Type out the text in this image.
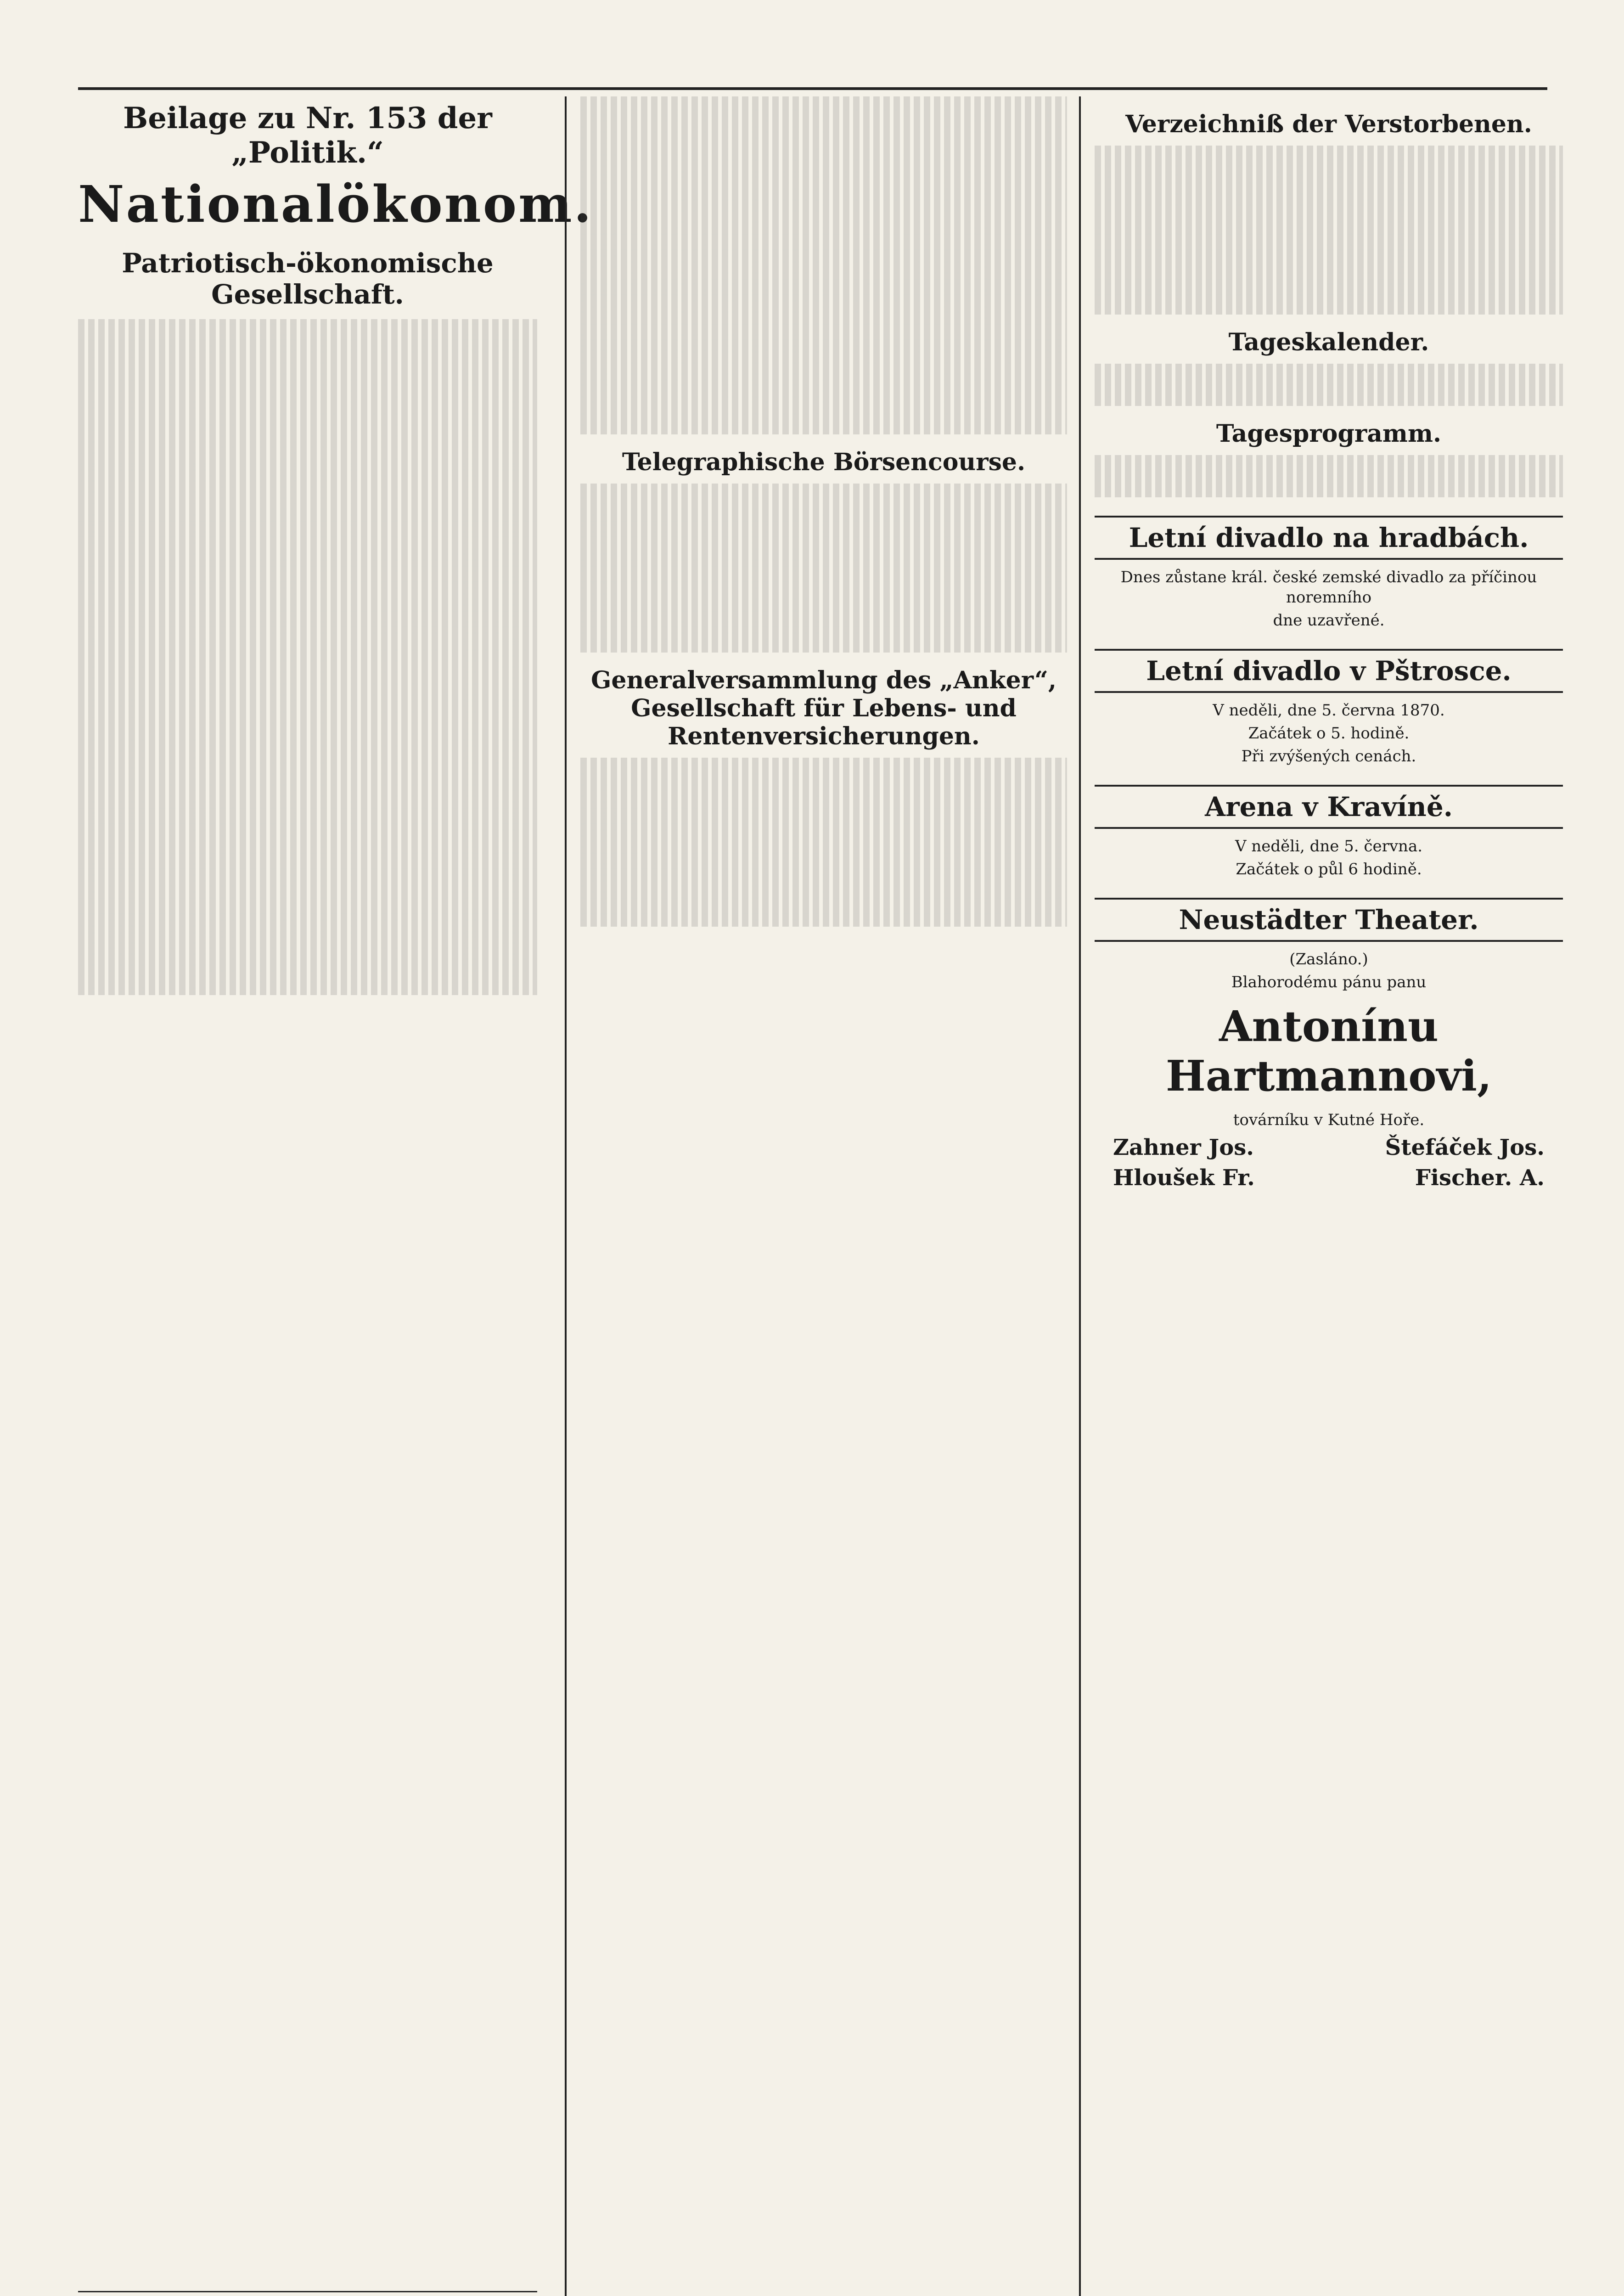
Beilage zu Nr. 153 der „Politik.“
Nationalökonom.
Patriotisch-ökonomische Gesellschaft.
Telegraphische Börsencourse.
Generalversammlung des „Anker“, Gesellschaft für Lebens- und Rentenversicherungen.
Verzeichniß der Verstorbenen.
Tageskalender.
Tagesprogramm.
Letní divadlo na hradbách.
Dnes zůstane král. české zemské divadlo za příčinou noremního
dne uzavřené.
Letní divadlo v Pštrosce.
V neděli, dne 5. června 1870.
Začátek o 5. hodině.
Při zvýšených cenách.
Arena v Kravíně.
V neděli, dne 5. června.
Začátek o půl 6 hodině.
Neustädter Theater.
(Zasláno.)
Blahorodému pánu panu
Antonínu Hartmannovi,
továrníku v Kutné Hoře.
Zahner Jos.	Štefáček Jos.
Hloušek Fr.	Fischer. A.
